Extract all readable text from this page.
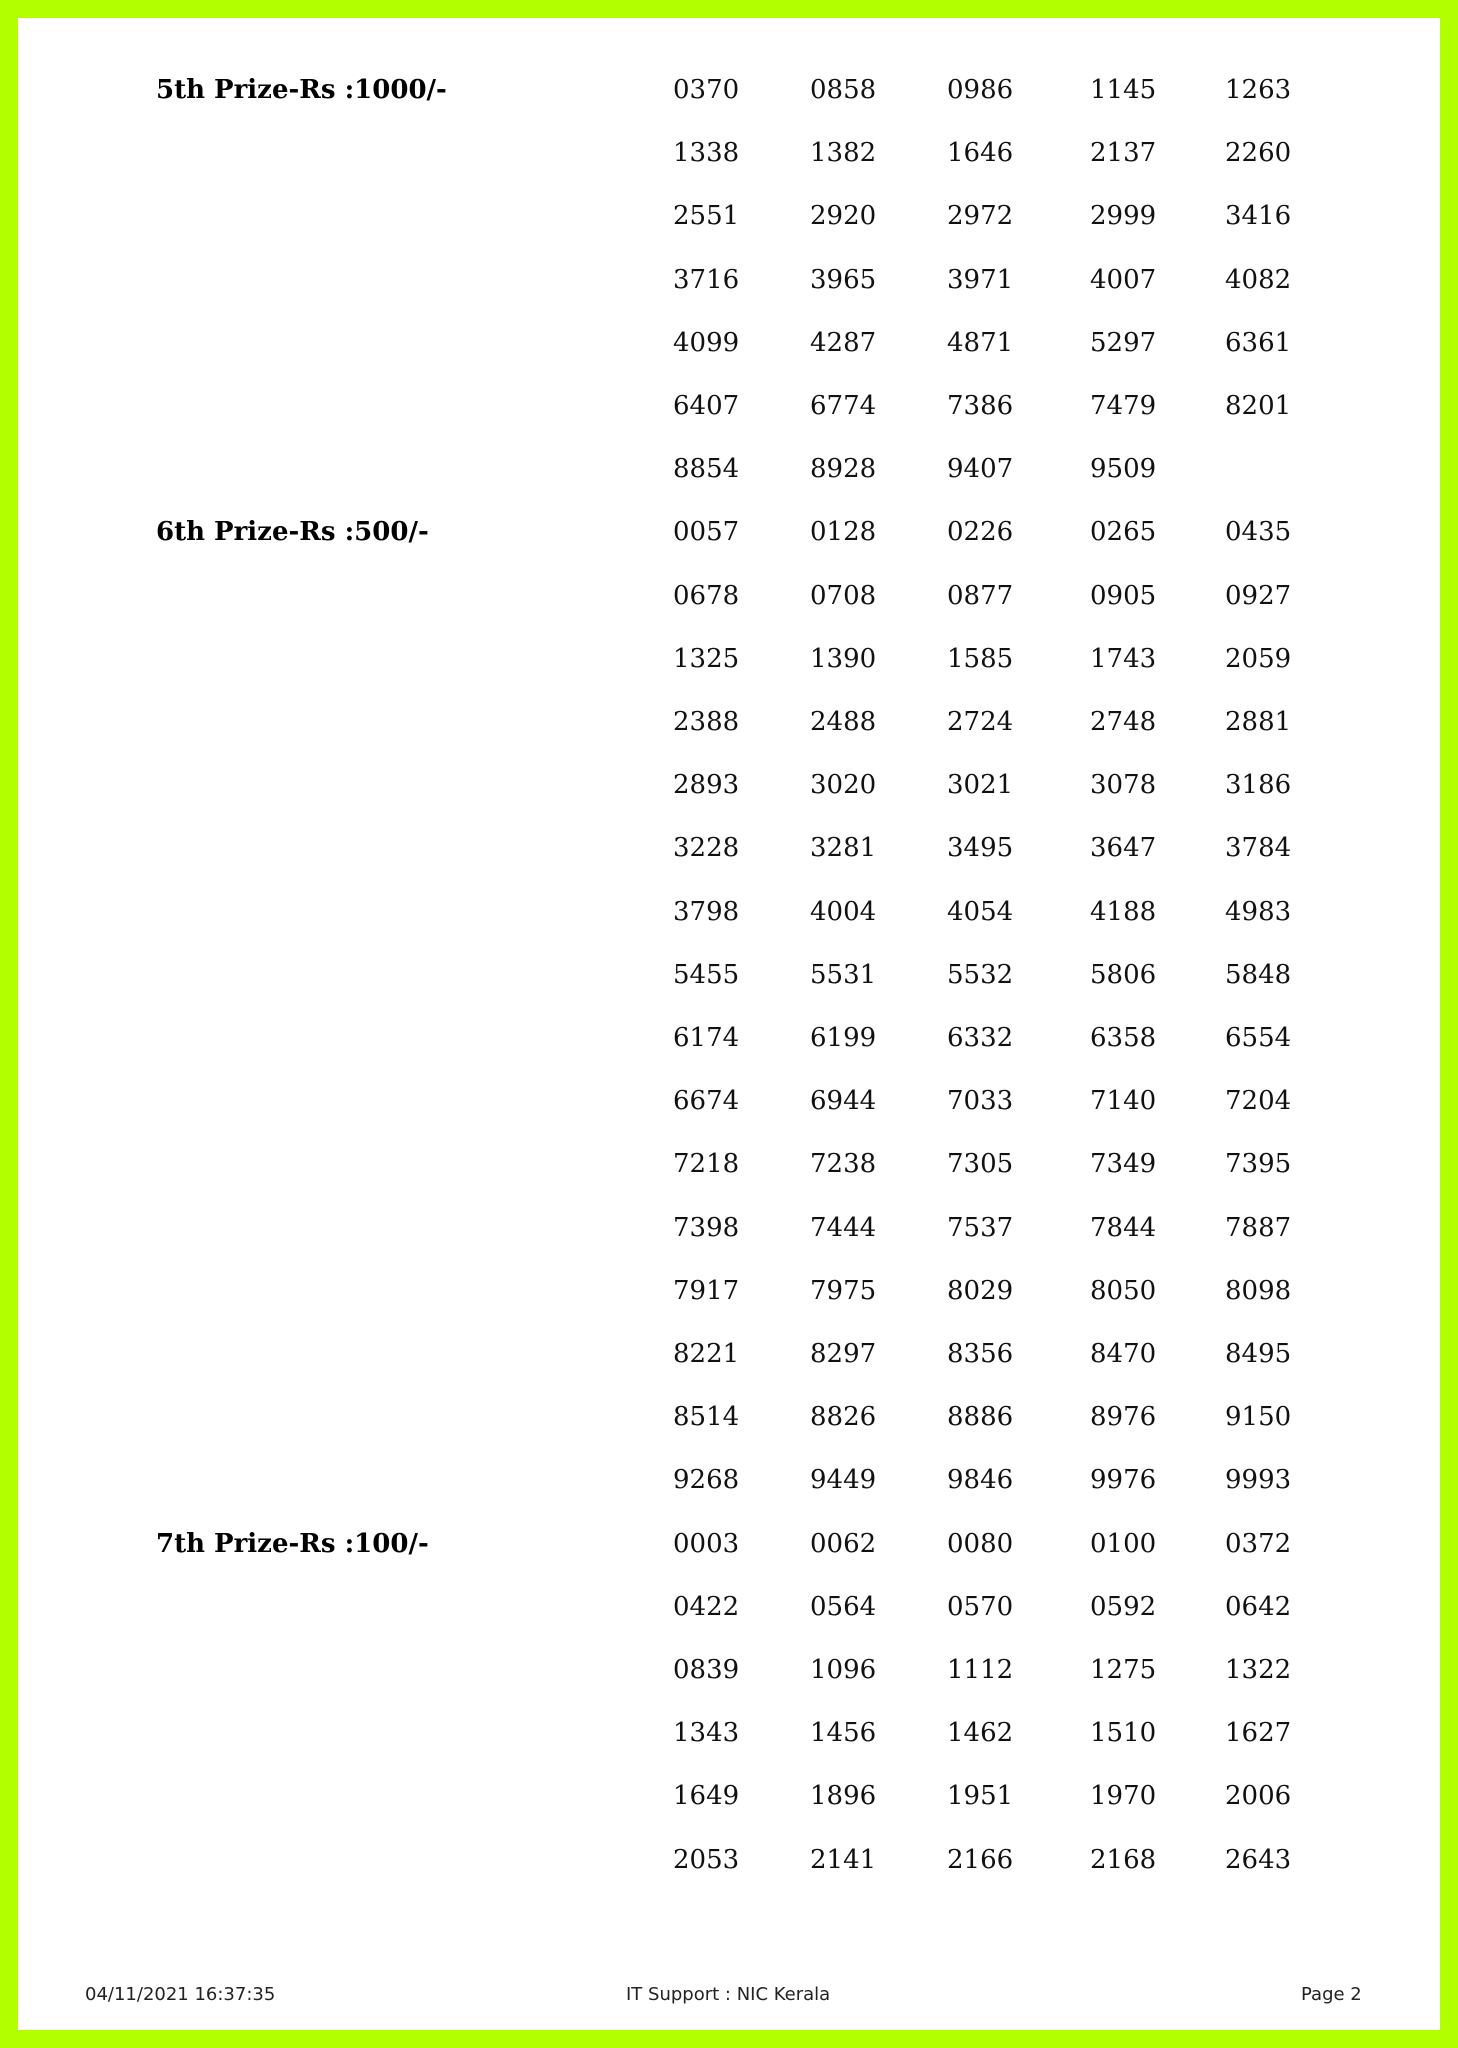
5th Prize-Rs :1000/-	0370	0858	0986	1145	1263
1338	1382	1646	2137	2260
2551	2920	2972	2999	3416
3716	3965	3971	4007	4082
4099	4287	4871	5297	6361
6407	6774	7386	7479	8201
8854	8928	9407	9509
6th Prize-Rs :500/-	0057	0128	0226	0265	0435
0678	0708	0877	0905	0927
1325	1390	1585	1743	2059
2388	2488	2724	2748	2881
2893	3020	3021	3078	3186
3228	3281	3495	3647	3784
3798	4004	4054	4188	4983
5455	5531	5532	5806	5848
6174	6199	6332	6358	6554
6674	6944	7033	7140	7204
7218	7238	7305	7349	7395
7398	7444	7537	7844	7887
7917	7975	8029	8050	8098
8221	8297	8356	8470	8495
8514	8826	8886	8976	9150
9268	9449	9846	9976	9993
7th Prize-Rs :100/-	0003	0062	0080	0100	0372
0422	0564	0570	0592	0642
0839	1096	1112	1275	1322
1343	1456	1462	1510	1627
1649	1896	1951	1970	2006
2053	2141	2166	2168	2643
04/11/2021 16:37:35	IT Support : NIC Kerala	Page 2
